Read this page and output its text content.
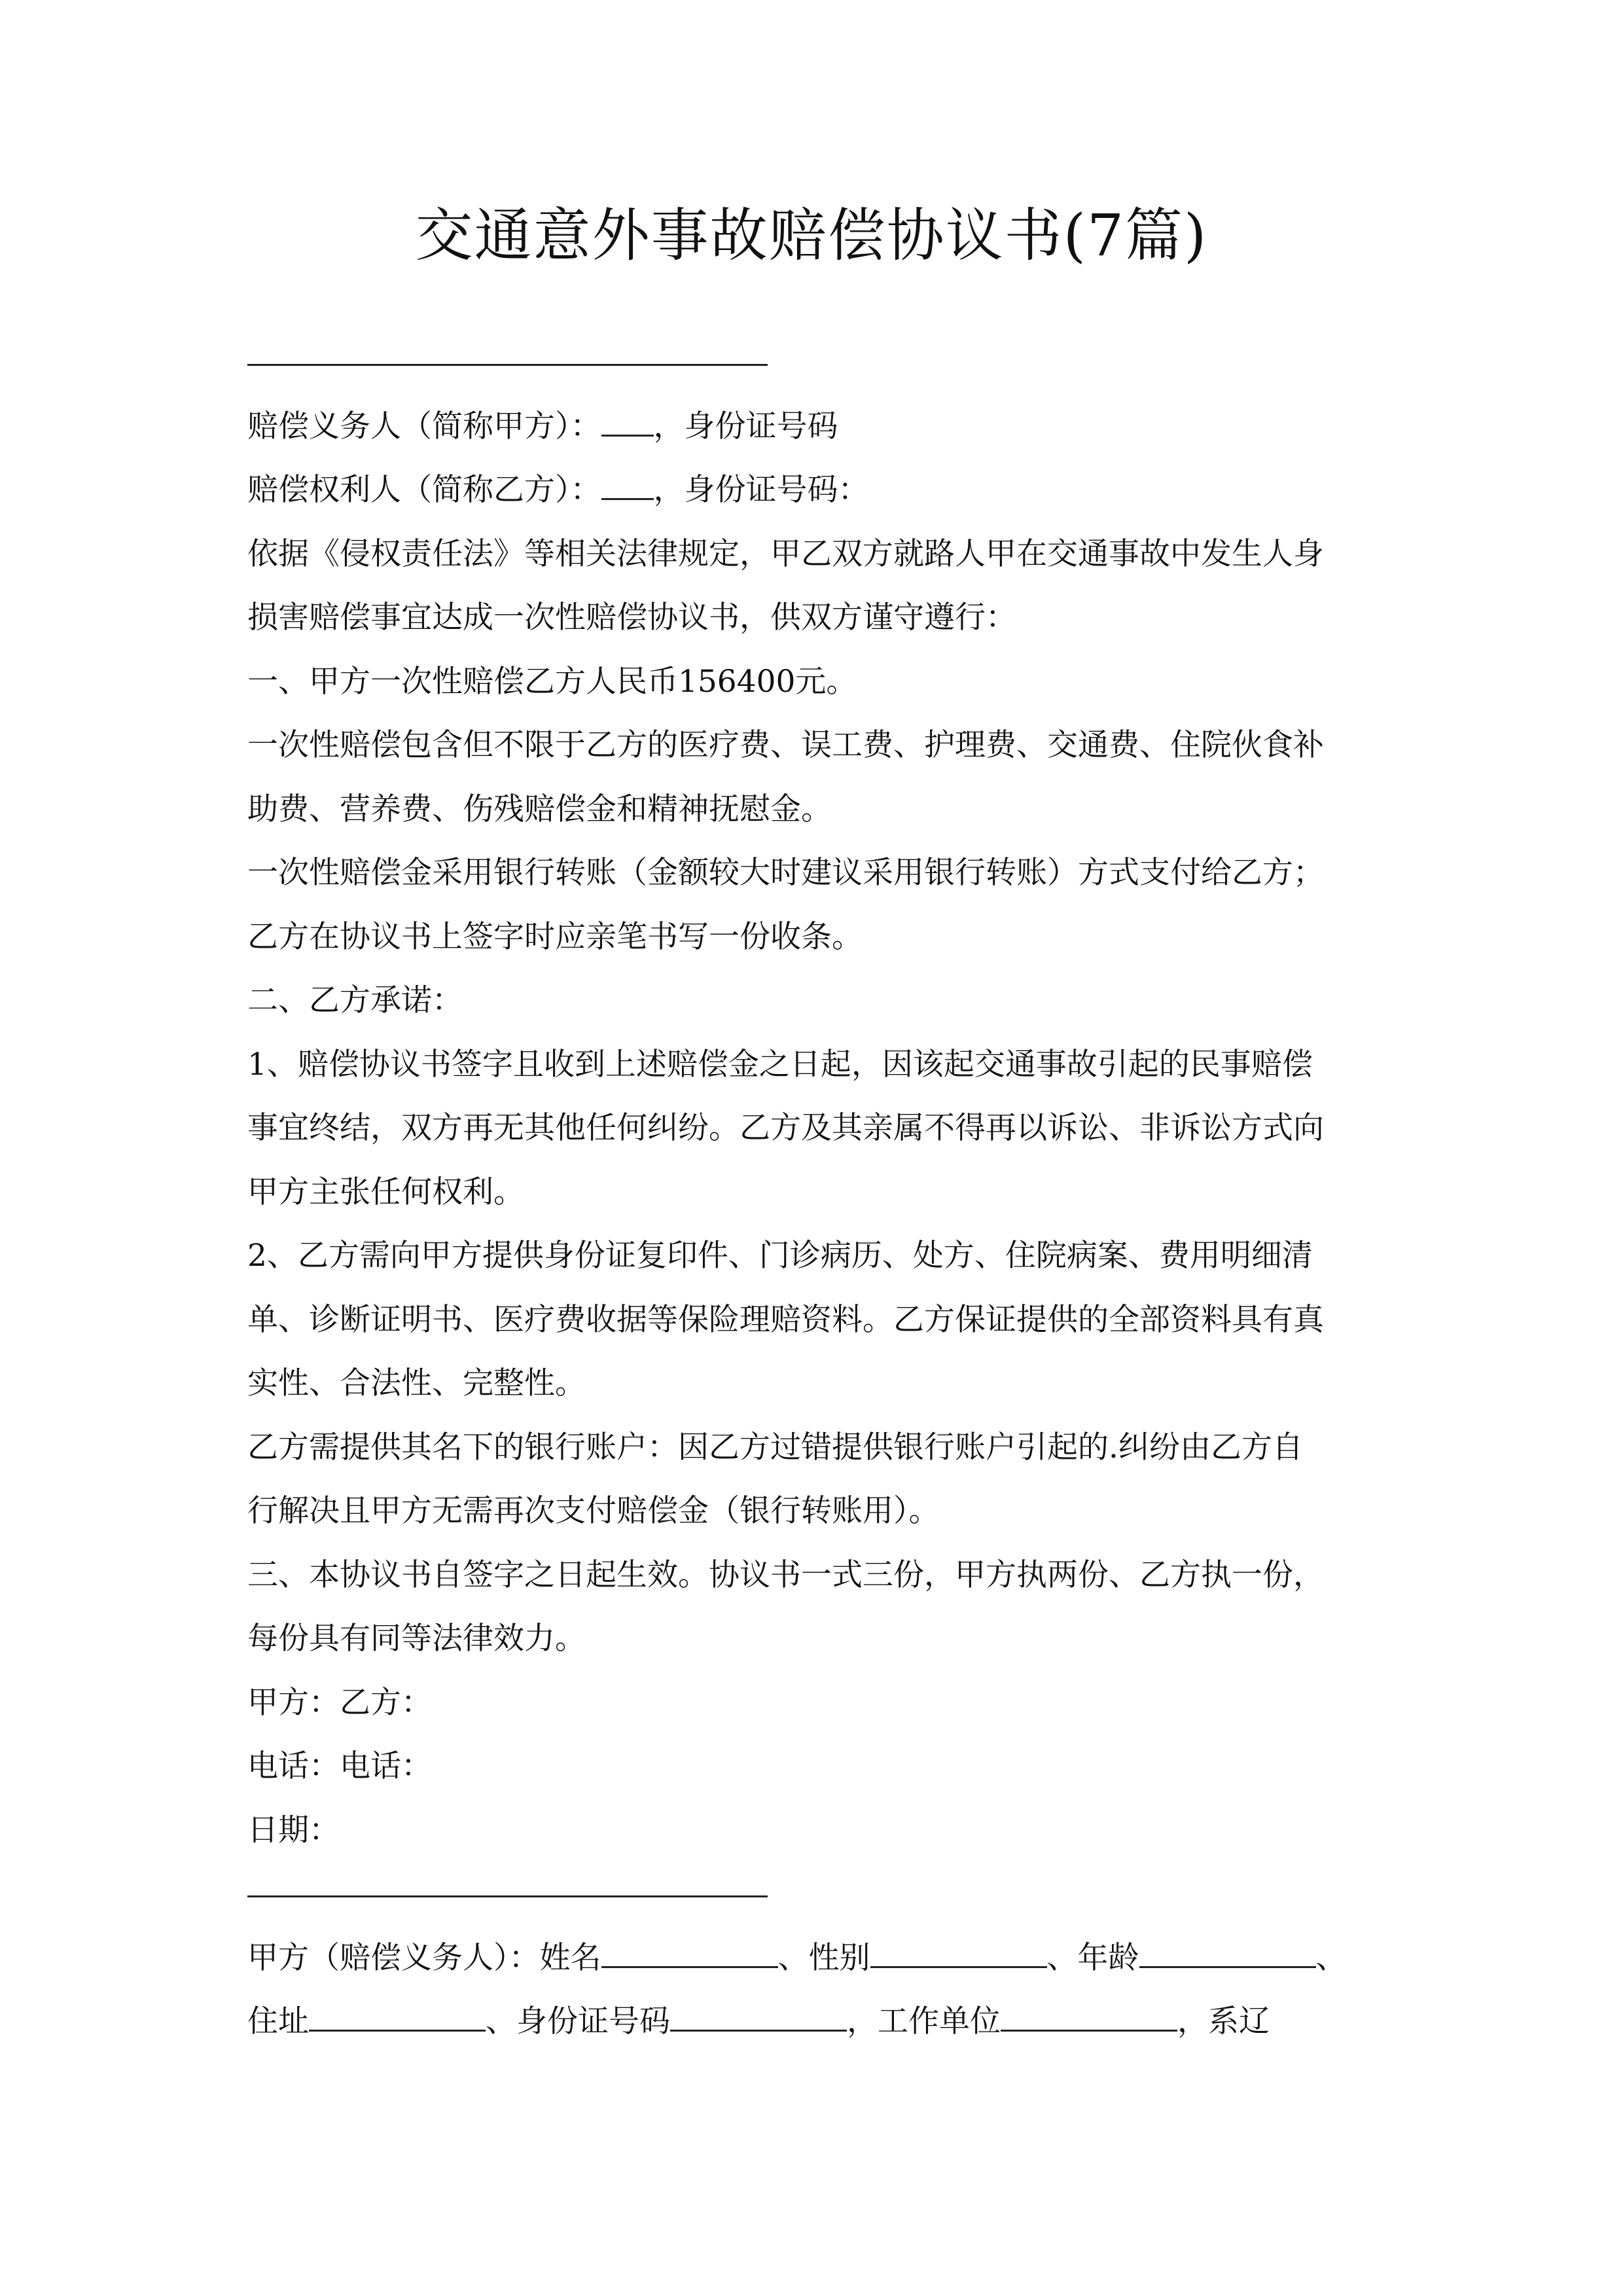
交通意外事故赔偿协议书(7篇)

赔偿义务人（简称甲方）： ，身份证号码

赔偿权利人（简称乙方）： ，身份证号码：

依据《侵权责任法》等相关法律规定，甲乙双方就路人甲在交通事故中发生人身

损害赔偿事宜达成一次性赔偿协议书，供双方谨守遵行：

一、甲方一次性赔偿乙方人民币156400元。

一次性赔偿包含但不限于乙方的医疗费、误工费、护理费、交通费、住院伙食补

助费、营养费、伤残赔偿金和精神抚慰金。

一次性赔偿金采用银行转账（金额较大时建议采用银行转账）方式支付给乙方；

乙方在协议书上签字时应亲笔书写一份收条。

二、乙方承诺：

1、赔偿协议书签字且收到上述赔偿金之日起，因该起交通事故引起的民事赔偿

事宜终结，双方再无其他任何纠纷。乙方及其亲属不得再以诉讼、非诉讼方式向

甲方主张任何权利。

2、乙方需向甲方提供身份证复印件、门诊病历、处方、住院病案、费用明细清

单、诊断证明书、医疗费收据等保险理赔资料。乙方保证提供的全部资料具有真

实性、合法性、完整性。

乙方需提供其名下的银行账户：因乙方过错提供银行账户引起的.纠纷由乙方自

行解决且甲方无需再次支付赔偿金（银行转账用）。

三、本协议书自签字之日起生效。协议书一式三份，甲方执两份、乙方执一份，

每份具有同等法律效力。

甲方：乙方：

电话：电话：

日期：

甲方（赔偿义务人）：姓名	、性别	、年龄	、

住址	、身份证号码	，工作单位	，系辽
